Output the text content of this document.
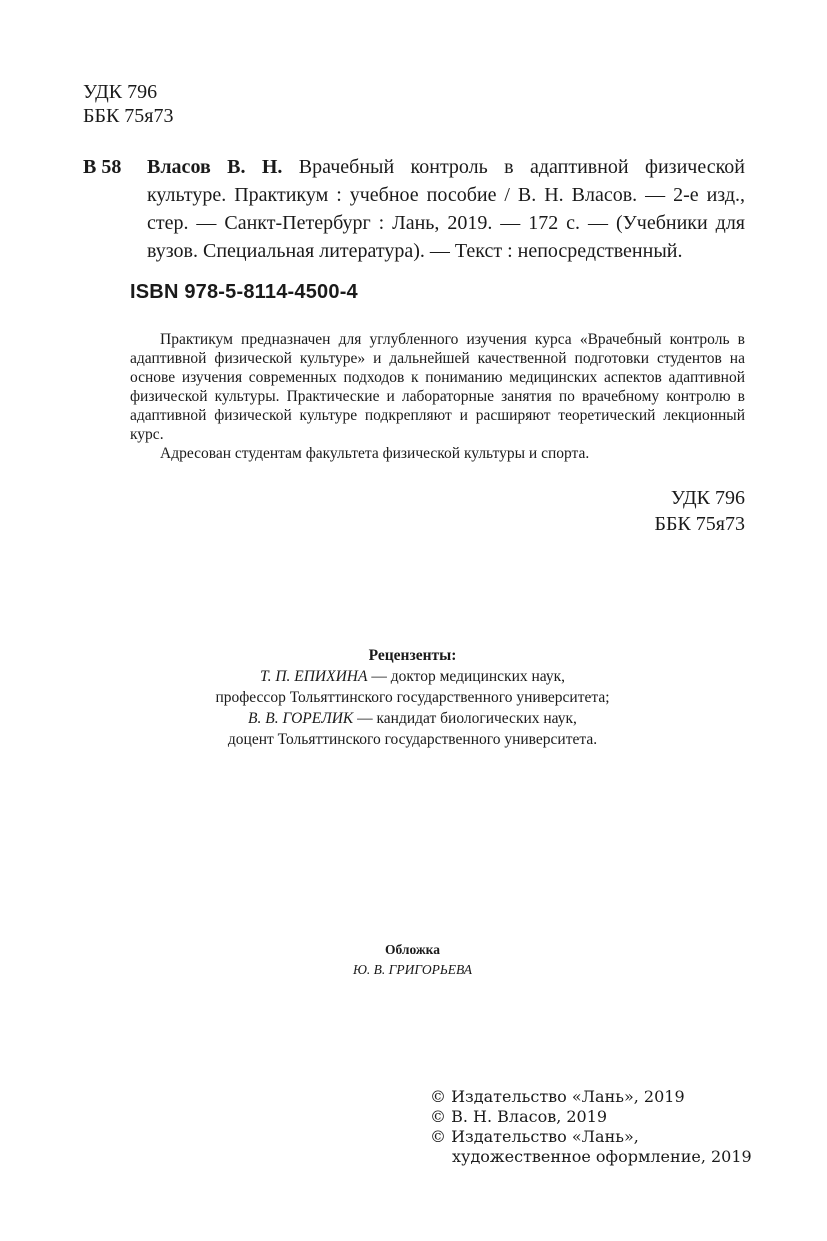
УДК 796
ББК 75я73
В 58 Власов В. Н. Врачебный контроль в адаптивной физической культуре. Практикум : учебное пособие / В. Н. Власов. — 2-е изд., стер. — Санкт-Петербург : Лань, 2019. — 172 с. — (Учебники для вузов. Специальная литература). — Текст : непосредственный.
ISBN 978-5-8114-4500-4

Практикум предназначен для углубленного изучения курса «Врачебный контроль в адаптивной физической культуре» и дальнейшей качественной подготовки студентов на основе изучения современных подходов к пониманию медицинских аспектов адаптивной физической культуры. Практические и лабораторные занятия по врачебному контролю в адаптивной физической культуре подкрепляют и расширяют теоретический лекционный курс.

Адресован студентам факультета физической культуры и спорта.

УДК 796
ББК 75я73
Рецензенты:
Т. П. ЕПИХИНА — доктор медицинских наук,
профессор Тольяттинского государственного университета;
В. В. ГОРЕЛИК — кандидат биологических наук,
доцент Тольяттинского государственного университета.
Обложка
Ю. В. ГРИГОРЬЕВА
© Издательство «Лань», 2019
© В. Н. Власов, 2019
© Издательство «Лань»,
художественное оформление, 2019
